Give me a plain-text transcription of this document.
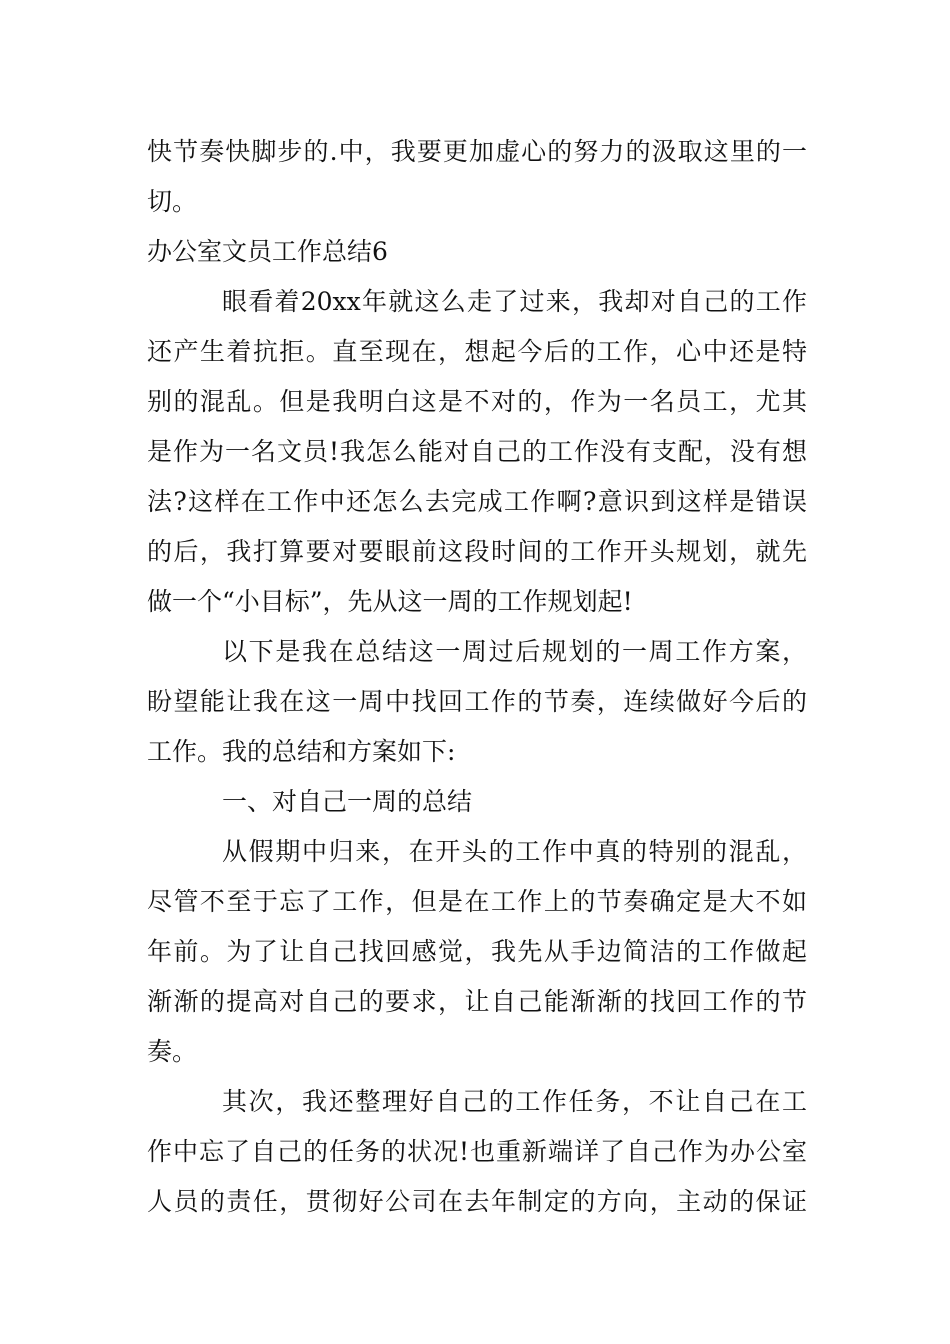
快节奏快脚步的.中，我要更加虚心的努力的汲取这里的一
切。
办公室文员工作总结6
眼看着20xx年就这么走了过来，我却对自己的工作
还产生着抗拒。直至现在，想起今后的工作，心中还是特
别的混乱。但是我明白这是不对的，作为一名员工，尤其
是作为一名文员!我怎么能对自己的工作没有支配，没有想
法?这样在工作中还怎么去完成工作啊?意识到这样是错误
的后，我打算要对要眼前这段时间的工作开头规划，就先
做一个“小目标”，先从这一周的工作规划起!
以下是我在总结这一周过后规划的一周工作方案，
盼望能让我在这一周中找回工作的节奏，连续做好今后的
工作。我的总结和方案如下:
一、对自己一周的总结
从假期中归来，在开头的工作中真的特别的混乱，
尽管不至于忘了工作，但是在工作上的节奏确定是大不如
年前。为了让自己找回感觉，我先从手边简洁的工作做起
渐渐的提高对自己的要求，让自己能渐渐的找回工作的节
奏。
其次，我还整理好自己的工作任务，不让自己在工
作中忘了自己的任务的状况!也重新端详了自己作为办公室
人员的责任，贯彻好公司在去年制定的方向，主动的保证
